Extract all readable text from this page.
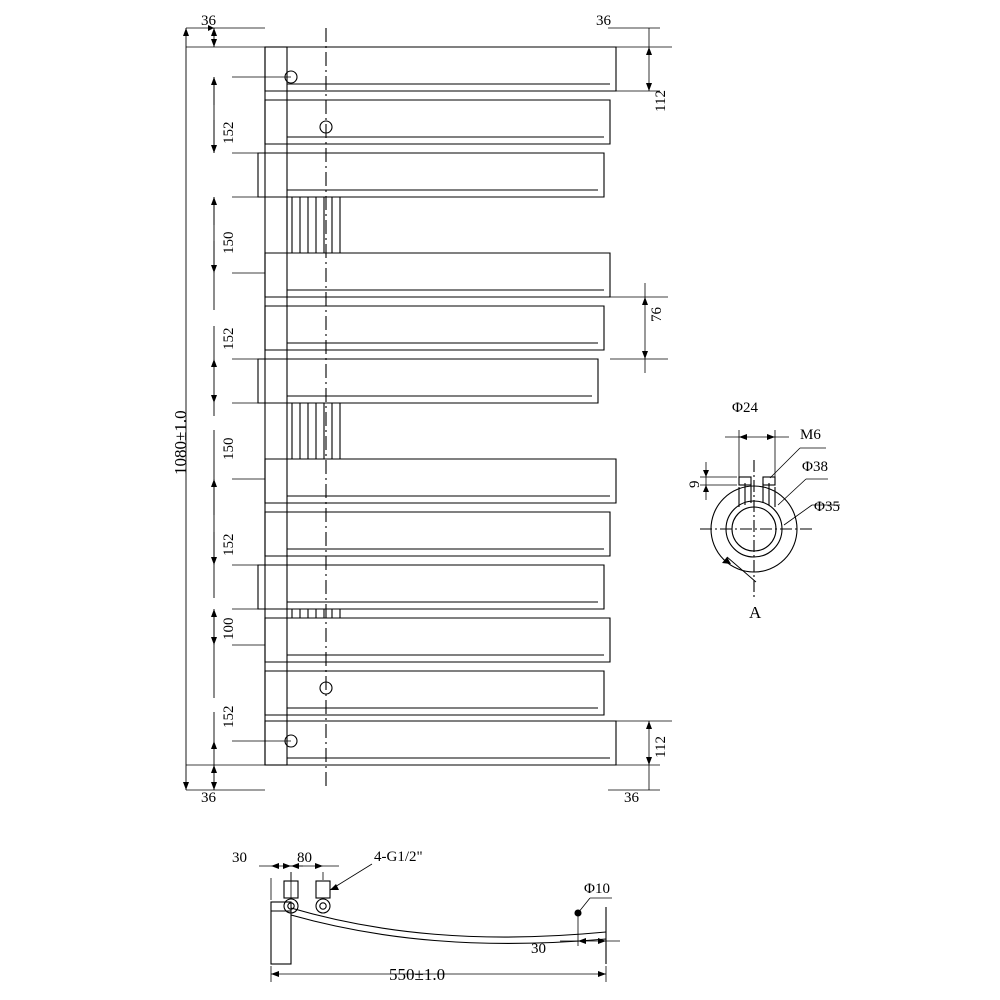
36	36
36	36
1080±1.0
152
150
152
150
152
100
152
112
76
112
Φ24
M6
Φ38
Φ35
9
A
30	80	4-G1/2"
Φ10
30
550±1.0
